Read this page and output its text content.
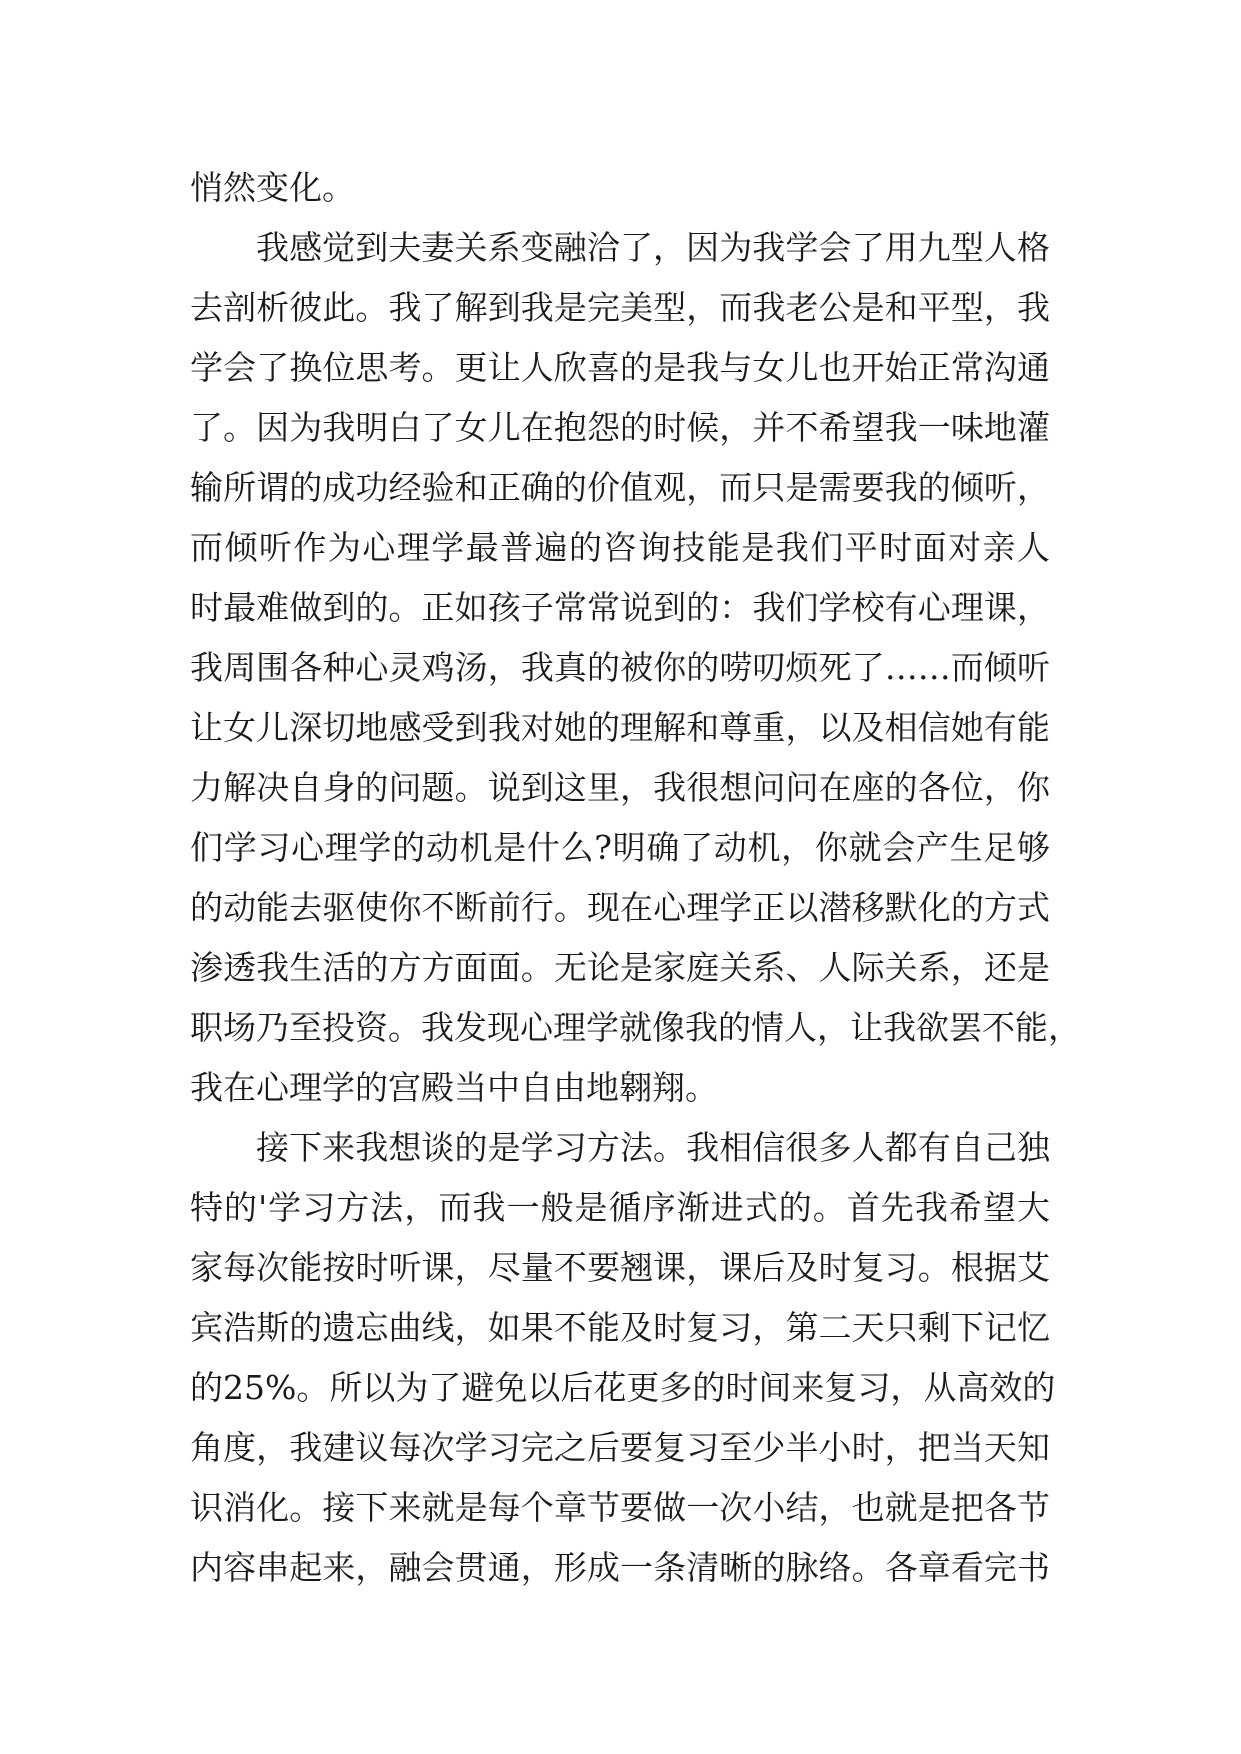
悄然变化。
我感觉到夫妻关系变融洽了，因为我学会了用九型人格
去剖析彼此。我了解到我是完美型，而我老公是和平型，我
学会了换位思考。更让人欣喜的是我与女儿也开始正常沟通
了。因为我明白了女儿在抱怨的时候，并不希望我一味地灌
输所谓的成功经验和正确的价值观，而只是需要我的倾听，
而倾听作为心理学最普遍的咨询技能是我们平时面对亲人
时最难做到的。正如孩子常常说到的：我们学校有心理课，
我周围各种心灵鸡汤，我真的被你的唠叨烦死了……而倾听
让女儿深切地感受到我对她的理解和尊重，以及相信她有能
力解决自身的问题。说到这里，我很想问问在座的各位，你
们学习心理学的动机是什么?明确了动机，你就会产生足够
的动能去驱使你不断前行。现在心理学正以潜移默化的方式
渗透我生活的方方面面。无论是家庭关系、人际关系，还是
职场乃至投资。我发现心理学就像我的情人，让我欲罢不能，
我在心理学的宫殿当中自由地翱翔。
接下来我想谈的是学习方法。我相信很多人都有自己独
特的'学习方法，而我一般是循序渐进式的。首先我希望大
家每次能按时听课，尽量不要翘课，课后及时复习。根据艾
宾浩斯的遗忘曲线，如果不能及时复习，第二天只剩下记忆
的25%。所以为了避免以后花更多的时间来复习，从高效的
角度，我建议每次学习完之后要复习至少半小时，把当天知
识消化。接下来就是每个章节要做一次小结，也就是把各节
内容串起来，融会贯通，形成一条清晰的脉络。各章看完书
